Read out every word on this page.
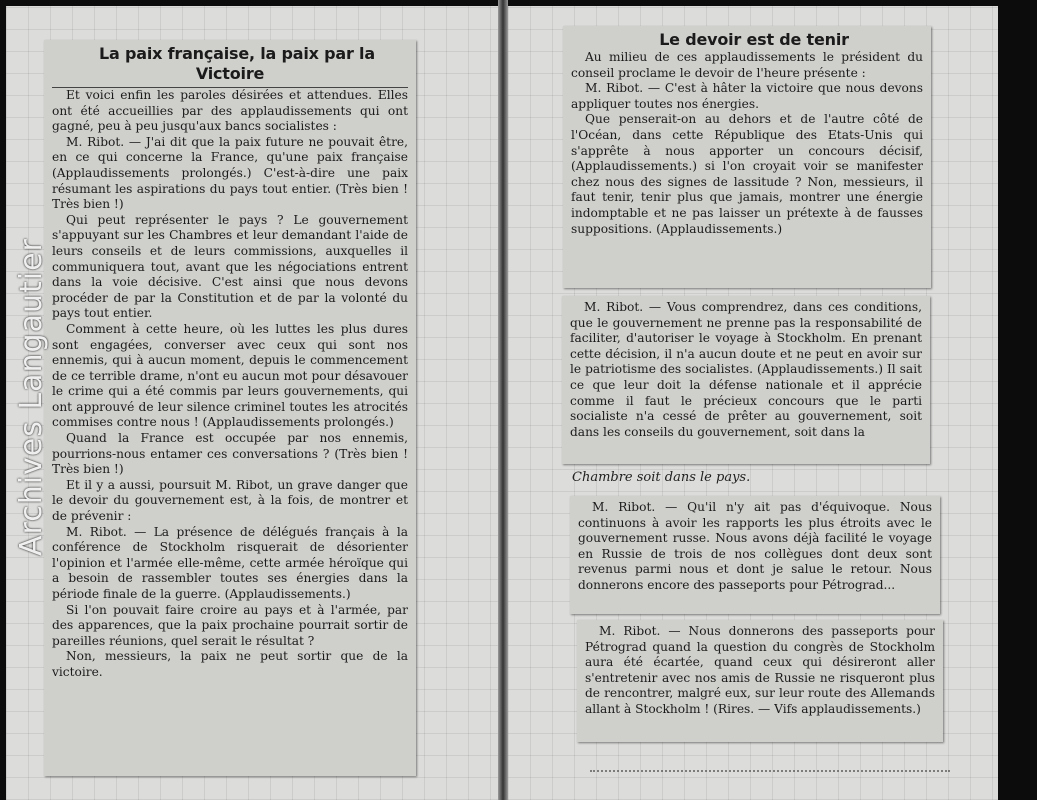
La paix française, la paix par la Victoire

Et voici enfin les paroles désirées et attendues. Elles ont été accueillies par des applaudissements qui ont gagné, peu à peu jusqu'aux bancs socialistes :

M. Ribot. — J'ai dit que la paix future ne pouvait être, en ce qui concerne la France, qu'une paix française (Applaudissements prolongés.) C'est-à-dire une paix résumant les aspirations du pays tout entier. (Très bien ! Très bien !)

Qui peut représenter le pays ? Le gouvernement s'appuyant sur les Chambres et leur demandant l'aide de leurs conseils et de leurs commissions, auxquelles il communiquera tout, avant que les négociations entrent dans la voie décisive. C'est ainsi que nous devons procéder de par la Constitution et de par la volonté du pays tout entier.

Comment à cette heure, où les luttes les plus dures sont engagées, converser avec ceux qui sont nos ennemis, qui à aucun moment, depuis le commencement de ce terrible drame, n'ont eu aucun mot pour désavouer le crime qui a été commis par leurs gouvernements, qui ont approuvé de leur silence criminel toutes les atrocités commises contre nous ! (Applaudissements prolongés.)

Quand la France est occupée par nos ennemis, pourrions-nous entamer ces conversations ? (Très bien ! Très bien !)

Et il y a aussi, poursuit M. Ribot, un grave danger que le devoir du gouvernement est, à la fois, de montrer et de prévenir :

M. Ribot. — La présence de délégués français à la conférence de Stockholm risquerait de désorienter l'opinion et l'armée elle-même, cette armée héroïque qui a besoin de rassembler toutes ses énergies dans la période finale de la guerre. (Applaudissements.)

Si l'on pouvait faire croire au pays et à l'armée, par des apparences, que la paix prochaine pourrait sortir de pareilles réunions, quel serait le résultat ?

Non, messieurs, la paix ne peut sortir que de la victoire.

Le devoir est de tenir

Au milieu de ces applaudissements le président du conseil proclame le devoir de l'heure présente :

M. Ribot. — C'est à hâter la victoire que nous devons appliquer toutes nos énergies.

Que penserait-on au dehors et de l'autre côté de l'Océan, dans cette République des Etats-Unis qui s'apprête à nous apporter un concours décisif, (Applaudissements.) si l'on croyait voir se manifester chez nous des signes de lassitude ? Non, messieurs, il faut tenir, tenir plus que jamais, montrer une énergie indomptable et ne pas laisser un prétexte à de fausses suppositions. (Applaudissements.)

M. Ribot. — Vous comprendrez, dans ces conditions, que le gouvernement ne prenne pas la responsabilité de faciliter, d'autoriser le voyage à Stockholm. En prenant cette décision, il n'a aucun doute et ne peut en avoir sur le patriotisme des socialistes. (Applaudissements.) Il sait ce que leur doit la défense nationale et il apprécie comme il faut le précieux concours que le parti socialiste n'a cessé de prêter au gouvernement, soit dans les conseils du gouvernement, soit dans la

Chambre soit dans le pays.

M. Ribot. — Qu'il n'y ait pas d'équivoque. Nous continuons à avoir les rapports les plus étroits avec le gouvernement russe. Nous avons déjà facilité le voyage en Russie de trois de nos collègues dont deux sont revenus parmi nous et dont je salue le retour. Nous donnerons encore des passeports pour Pétrograd...

M. Ribot. — Nous donnerons des passeports pour Pétrograd quand la question du congrès de Stockholm aura été écartée, quand ceux qui désireront aller s'entretenir avec nos amis de Russie ne risqueront plus de rencontrer, malgré eux, sur leur route des Allemands allant à Stockholm ! (Rires. — Vifs applaudissements.)

Archives Langautier
